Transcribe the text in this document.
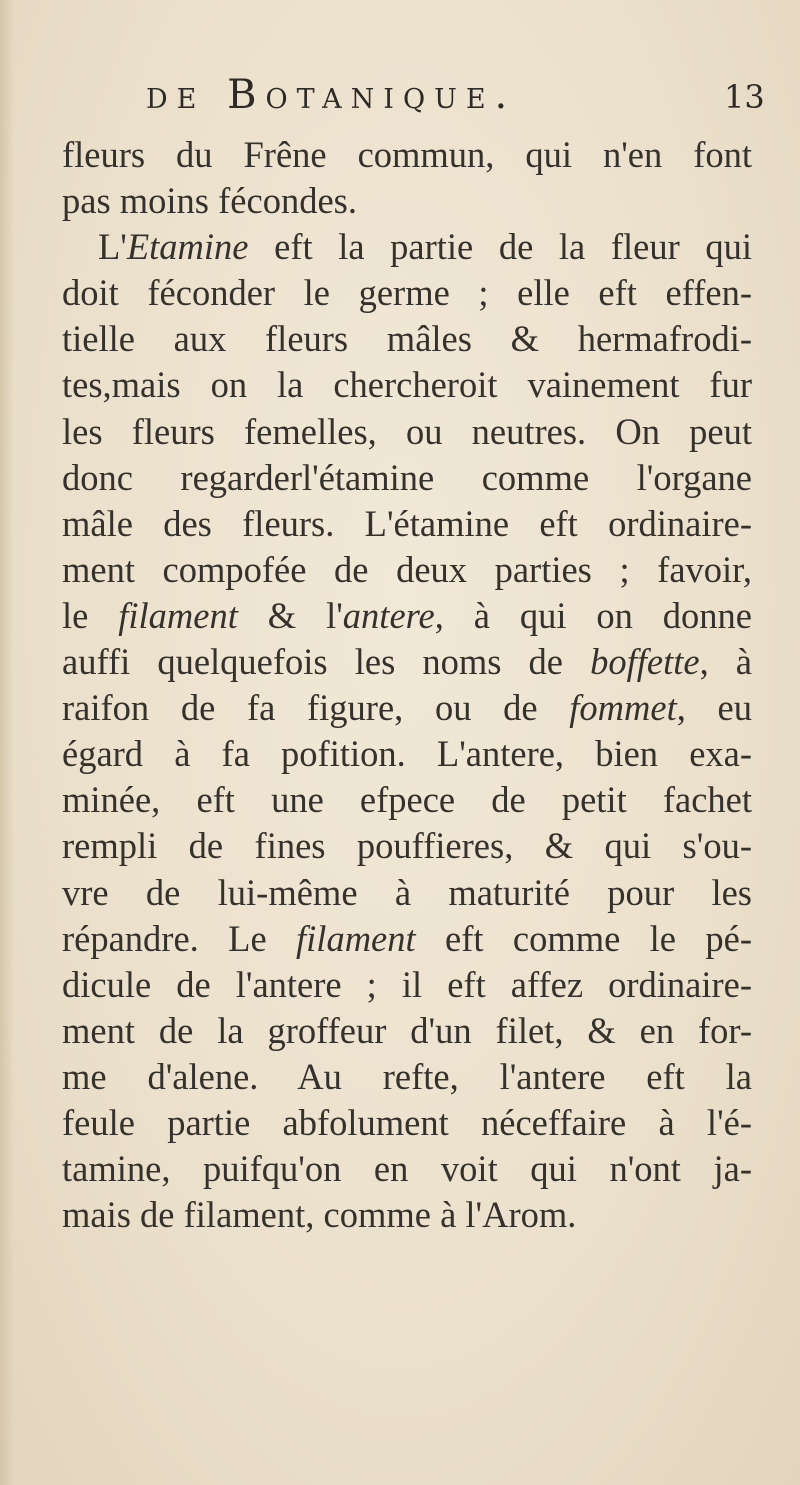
DE BOTANIQUE.	13
fleurs du Frêne commun, qui n'en font
pas moins fécondes.
L'Etamine eft la partie de la fleur qui
doit féconder le germe ; elle eft effen-
tielle aux fleurs mâles & hermafrodi-
tes,mais on la chercheroit vainement fur
les fleurs femelles, ou neutres. On peut
donc regarderl'étamine comme l'organe
mâle des fleurs. L'étamine eft ordinaire-
ment compofée de deux parties ; favoir,
le filament & l'antere, à qui on donne
auffi quelquefois les noms de boffette, à
raifon de fa figure, ou de fommet, eu
égard à fa pofition. L'antere, bien exa-
minée, eft une efpece de petit fachet
rempli de fines pouffieres, & qui s'ou-
vre de lui-même à maturité pour les
répandre. Le filament eft comme le pé-
dicule de l'antere ; il eft affez ordinaire-
ment de la groffeur d'un filet, & en for-
me d'alene. Au refte, l'antere eft la
feule partie abfolument néceffaire à l'é-
tamine, puifqu'on en voit qui n'ont ja-
mais de filament, comme à l'Arom.
